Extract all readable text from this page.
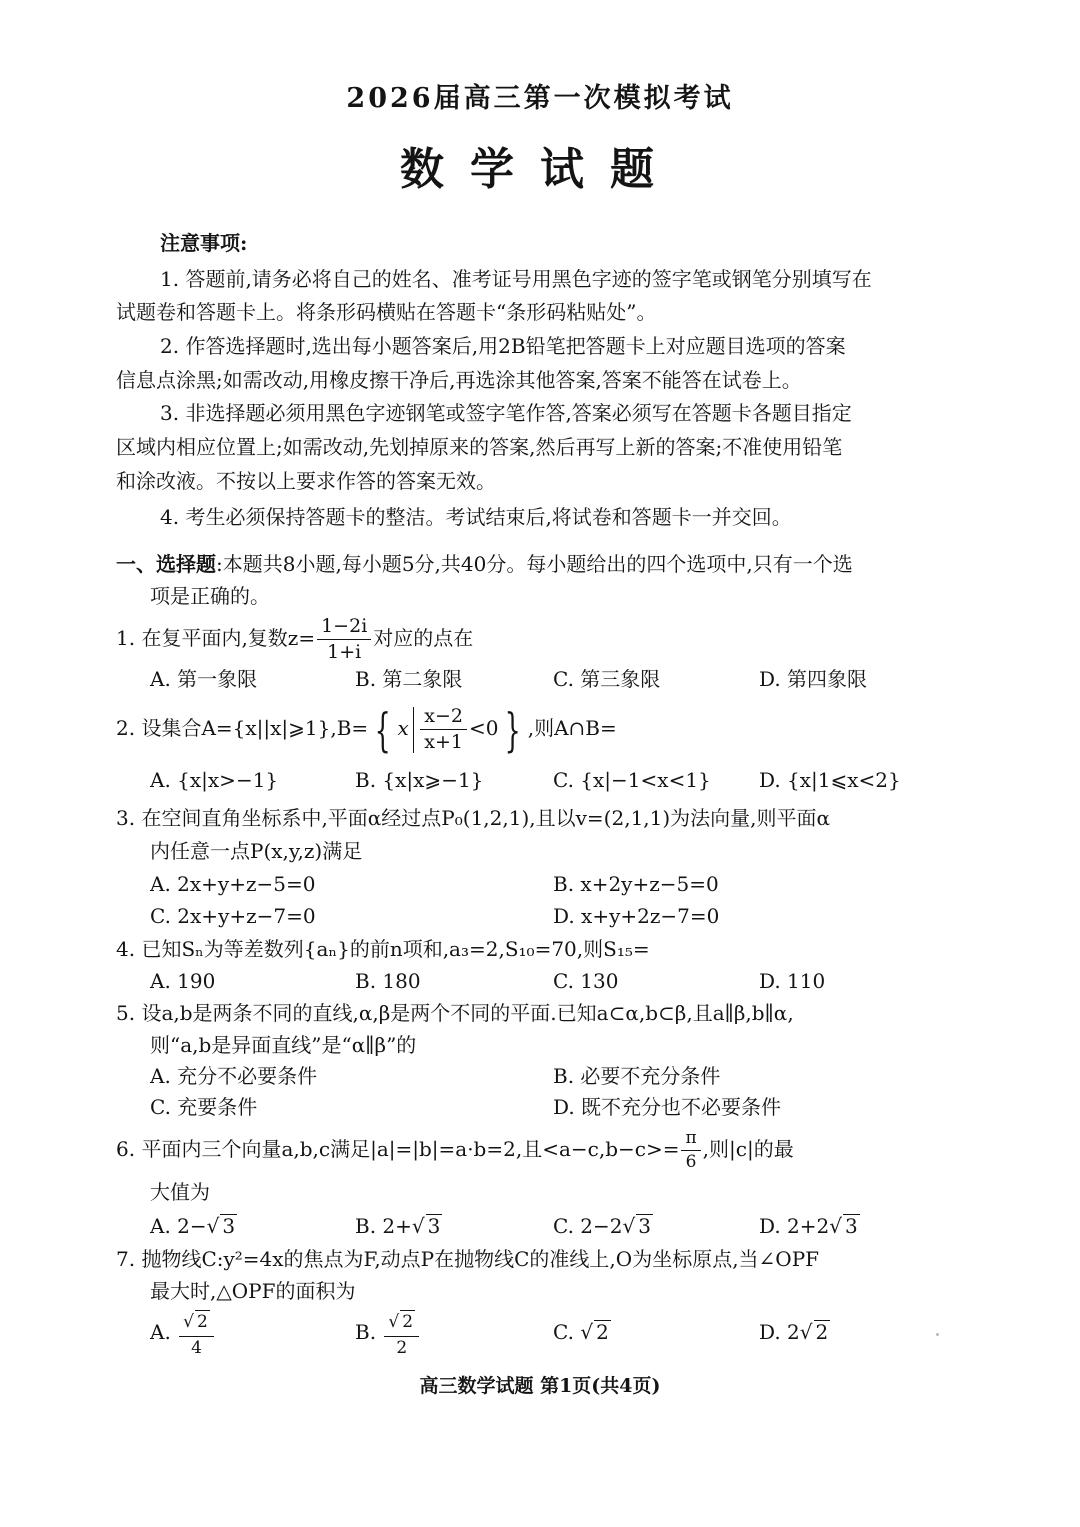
2026届高三第一次模拟考试
数学试题
注意事项:
1. 答题前,请务必将自己的姓名、准考证号用黑色字迹的签字笔或钢笔分别填写在
试题卷和答题卡上。将条形码横贴在答题卡“条形码粘贴处”。
2. 作答选择题时,选出每小题答案后,用2B铅笔把答题卡上对应题目选项的答案
信息点涂黑;如需改动,用橡皮擦干净后,再选涂其他答案,答案不能答在试卷上。
3. 非选择题必须用黑色字迹钢笔或签字笔作答,答案必须写在答题卡各题目指定
区域内相应位置上;如需改动,先划掉原来的答案,然后再写上新的答案;不准使用铅笔
和涂改液。不按以上要求作答的答案无效。
4. 考生必须保持答题卡的整洁。考试结束后,将试卷和答题卡一并交回。
一、选择题:本题共8小题,每小题5分,共40分。每小题给出的四个选项中,只有一个选
项是正确的。
1. 在复平面内,复数$z= \frac{1-2i}{1+i}$ 对应的点在
A. 第一象限	B. 第二象限	C. 第三象限	D. 第四象限
2. 设集合A={x||x|⩾1},B= { x $\frac{x-2}{x+1} <0$ } ,则A∩B=
A. {x|x>−1}	B. {x|x⩾−1}	C. {x|−1<x<1} D. {x|1⩽x<2}
3. 在空间直角坐标系中,平面α经过点P₀(1,2,1),且以v=(2,1,1)为法向量,则平面α
内任意一点P(x,y,z)满足
A. 2x+y+z−5=0	B. x+2y+z−5=0
C. 2x+y+z−7=0	D. x+y+2z−7=0
4. 已知Sₙ为等差数列{aₙ}的前n项和,a₃=2,S₁₀=70,则S₁₅=
A. 190	B. 180	C. 130	D. 110
5. 设a,b是两条不同的直线,α,β是两个不同的平面.已知a⊂α,b⊂β,且a∥β,b∥α,
则“a,b是异面直线”是“α∥β”的
A. 充分不必要条件	B. 必要不充分条件
C. 充要条件	D. 既不充分也不必要条件
6. 平面内三个向量a,b,c满足|a|=|b|=a·b=2,且$<a-c,b-c>= \frac{\pi}{6}$ ,则|c|的最
大值为
A. 2−√ 3	B. 2+√ 3	C. 2−2√ 3	D. 2+2√ 3
7. 抛物线C:y²=4x的焦点为F,动点P在抛物线C的准线上,O为坐标原点,当∠OPF
最大时,△OPF的面积为
A. $\frac{√ 2}{4}$	B. $\frac{√ 2}{2}$	C. √ 2	D. 2√ 2
高三数学试题 第1页(共4页)
